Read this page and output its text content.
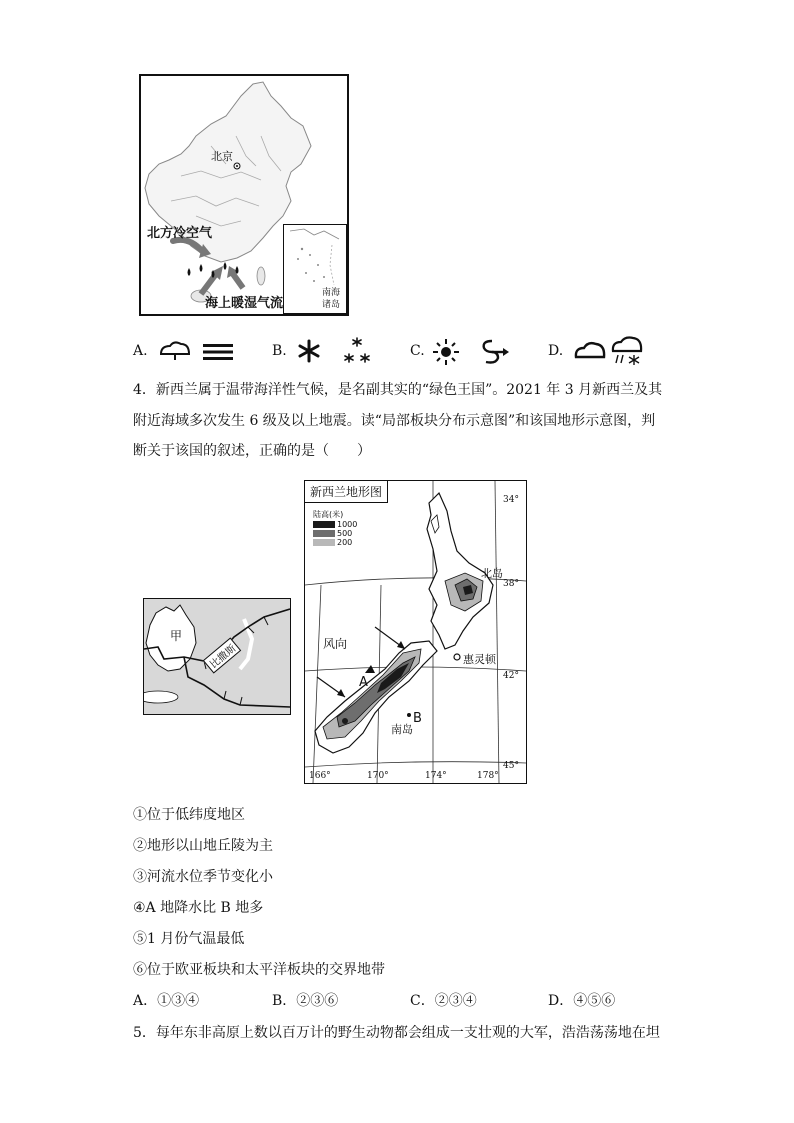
北京
北方冷空气
海上暖湿气流
南海
诸岛
A.	B.	C.	D.
4．新西兰属于温带海洋性气候，是名副其实的“绿色王国”。2021 年 3 月新西兰及其
附近海域多次发生 6 级及以上地震。读“局部板块分布示意图”和该国地形示意图，判
断关于该国的叙述，正确的是（　　）
甲
比撒斯
新西兰地形图
陆高(米)
1000
500
200
风向
A
B
北岛
南岛
惠灵顿
34°
38°
42°
45°
166°	170°	174°	178°
①位于低纬度地区
②地形以山地丘陵为主
③河流水位季节变化小
④A 地降水比 B 地多
⑤1 月份气温最低
⑥位于欧亚板块和太平洋板块的交界地带
A．①③④	B．②③⑥	C．②③④	D．④⑤⑥
5．每年东非高原上数以百万计的野生动物都会组成一支壮观的大军，浩浩荡荡地在坦
